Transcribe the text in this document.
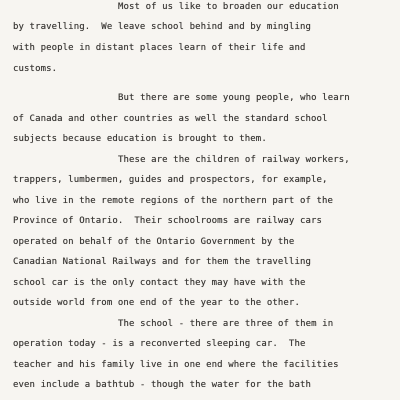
Most of us like to broaden our education
by travelling.  We leave school behind and by mingling
with people in distant places learn of their life and
customs.
But there are some young people, who learn
of Canada and other countries as well the standard school
subjects because education is brought to them.
These are the children of railway workers,
trappers, lumbermen, guides and prospectors, for example,
who live in the remote regions of the northern part of the
Province of Ontario.  Their schoolrooms are railway cars
operated on behalf of the Ontario Government by the
Canadian National Railways and for them the travelling
school car is the only contact they may have with the
outside world from one end of the year to the other.
The school - there are three of them in
operation today - is a reconverted sleeping car.  The
teacher and his family live in one end where the facilities
even include a bathtub - though the water for the bath
